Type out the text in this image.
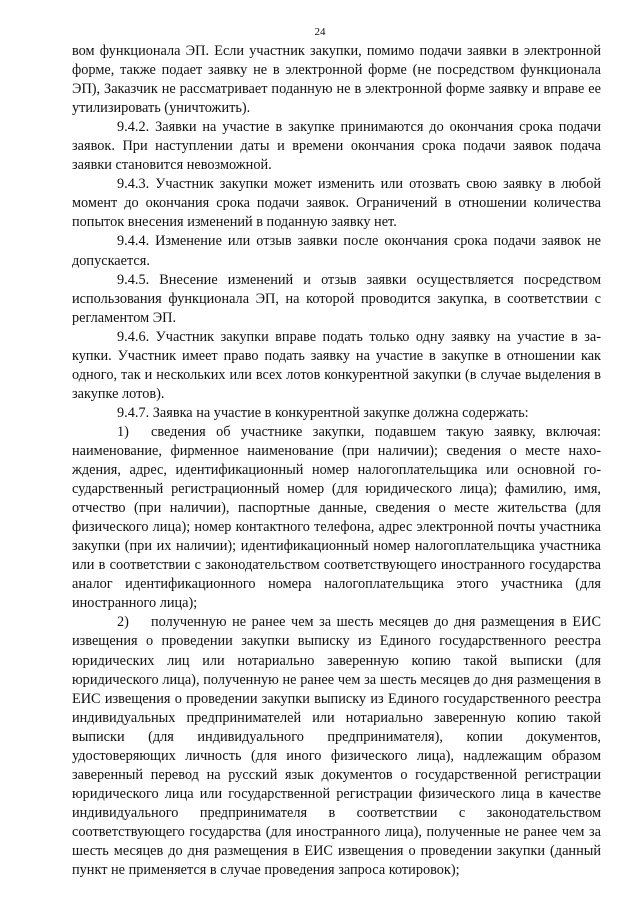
24

вом функционала ЭП. Если участник закупки, помимо подачи заявки в электронной форме, также подает заявку не в электронной форме (не посредством функционала ЭП), Заказчик не рассматривает поданную не в электронной форме заявку и вправе ее утилизировать (уничтожить).

9.4.2. Заявки на участие в закупке принимаются до окончания срока подачи заявок. При наступлении даты и времени окончания срока подачи заявок подача заявки становится невозможной.

9.4.3. Участник закупки может изменить или отозвать свою заявку в любой момент до окончания срока подачи заявок. Ограничений в отношении количества попыток внесения изменений в поданную заявку нет.

9.4.4. Изменение или отзыв заявки после окончания срока подачи заявок не допускается.

9.4.5. Внесение изменений и отзыв заявки осуществляется посредством использования функционала ЭП, на которой проводится закупка, в соответствии с регламентом ЭП.

9.4.6. Участник закупки вправе подать только одну заявку на участие в закупки. Участник имеет право подать заявку на участие в закупке в отношении как одного, так и нескольких или всех лотов конкурентной закупки (в случае выделения в закупке лотов).

9.4.7. Заявка на участие в конкурентной закупке должна содержать:

1) сведения об участнике закупки, подавшем такую заявку, включая: наименование, фирменное наименование (при наличии); сведения о месте нахождения, адрес, идентификационный номер налогоплательщика или основной государственный регистрационный номер (для юридического лица); фамилию, имя, отчество (при наличии), паспортные данные, сведения о месте жительства (для физического лица); номер контактного телефона, адрес электронной почты участника закупки (при их наличии); идентификационный номер налогоплательщика участника или в соответствии с законодательством соответствующего иностранного государства аналог идентификационного номера налогоплательщика этого участника (для иностранного лица);

2) полученную не ранее чем за шесть месяцев до дня размещения в ЕИС извещения о проведении закупки выписку из Единого государственного реестра юридических лиц или нотариально заверенную копию такой выписки (для юридического лица), полученную не ранее чем за шесть месяцев до дня размещения в ЕИС извещения о проведении закупки выписку из Единого государственного реестра индивидуальных предпринимателей или нотариально заверенную копию такой выписки (для индивидуального предпринимателя), копии документов, удостоверяющих личность (для иного физического лица), надлежащим образом заверенный перевод на русский язык документов о государственной регистрации юридического лица или государственной регистрации физического лица в качестве индивидуального предпринимателя в соответствии с законодательством соответствующего государства (для иностранного лица), полученные не ранее чем за шесть месяцев до дня размещения в ЕИС извещения о проведении закупки (данный пункт не применяется в случае проведения запроса котировок);
